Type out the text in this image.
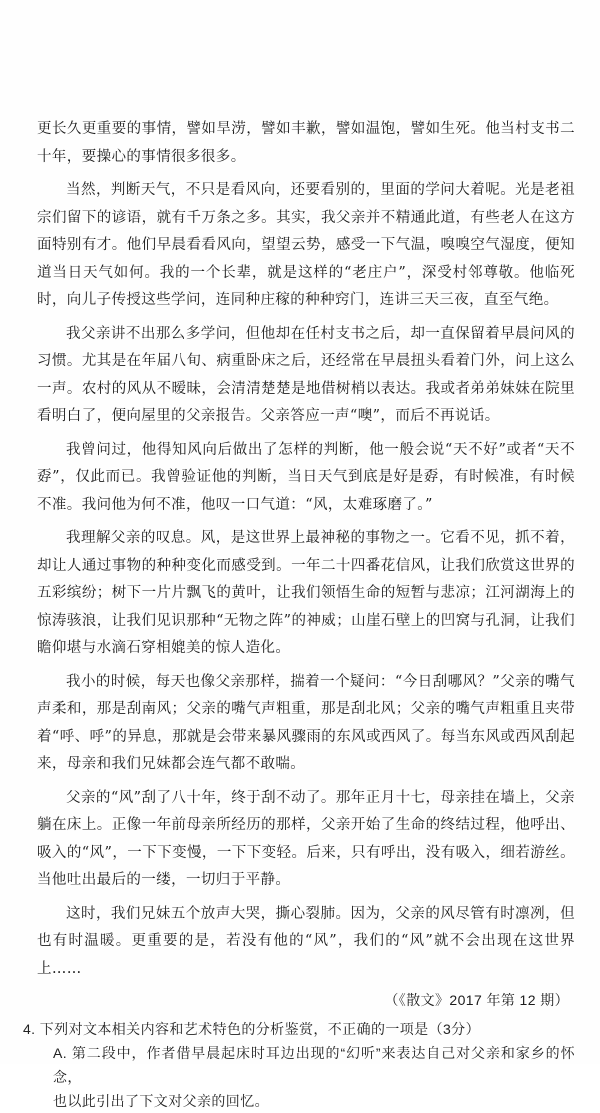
更长久更重要的事情，譬如旱涝，譬如丰歉，譬如温饱，譬如生死。他当村支书二十年，要操心的事情很多很多。

当然，判断天气，不只是看风向，还要看别的，里面的学问大着呢。光是老祖宗们留下的谚语，就有千万条之多。其实，我父亲并不精通此道，有些老人在这方面特别有才。他们早晨看看风向，望望云势，感受一下气温，嗅嗅空气湿度，便知道当日天气如何。我的一个长辈，就是这样的“老庄户”，深受村邻尊敬。他临死时，向儿子传授这些学问，连同种庄稼的种种窍门，连讲三天三夜，直至气绝。

我父亲讲不出那么多学问，但他却在任村支书之后，却一直保留着早晨问风的习惯。尤其是在年届八旬、病重卧床之后，还经常在早晨扭头看着门外，问上这么一声。农村的风从不暧昧，会清清楚楚是地借树梢以表达。我或者弟弟妹妹在院里看明白了，便向屋里的父亲报告。父亲答应一声“噢”，而后不再说话。

我曾问过，他得知风向后做出了怎样的判断，他一般会说“天不好”或者“天不孬”，仅此而已。我曾验证他的判断，当日天气到底是好是孬，有时候准，有时候不准。我问他为何不准，他叹一口气道：“风，太难琢磨了。”

我理解父亲的叹息。风，是这世界上最神秘的事物之一。它看不见，抓不着，却让人通过事物的种种变化而感受到。一年二十四番花信风，让我们欣赏这世界的五彩缤纷；树下一片片飘飞的黄叶，让我们领悟生命的短暂与悲凉；江河湖海上的惊涛骇浪，让我们见识那种“无物之阵”的神威；山崖石壁上的凹窝与孔洞，让我们瞻仰堪与水滴石穿相媲美的惊人造化。

我小的时候，每天也像父亲那样，揣着一个疑问：“今日刮哪风？”父亲的嘴气声柔和，那是刮南风；父亲的嘴气声粗重，那是刮北风；父亲的嘴气声粗重且夹带着“呼、呼”的异息，那就是会带来暴风骤雨的东风或西风了。每当东风或西风刮起来，母亲和我们兄妹都会连气都不敢喘。

父亲的“风”刮了八十年，终于刮不动了。那年正月十七，母亲挂在墙上，父亲躺在床上。正像一年前母亲所经历的那样，父亲开始了生命的终结过程，他呼出、吸入的“风”，一下下变慢，一下下变轻。后来，只有呼出，没有吸入，细若游丝。当他吐出最后的一缕，一切归于平静。

这时，我们兄妹五个放声大哭，撕心裂肺。因为，父亲的风尽管有时凛冽，但也有时温暖。更重要的是，若没有他的“风”，我们的“风”就不会出现在这世界上……

（《散文》2017 年第 12 期）
4. 下列对文本相关内容和艺术特色的分析鉴赏，不正确的一项是（3分）
A. 第二段中，作者借早晨起床时耳边出现的“幻听”来表达自己对父亲和家乡的怀念，
也以此引出了下文对父亲的回忆。
